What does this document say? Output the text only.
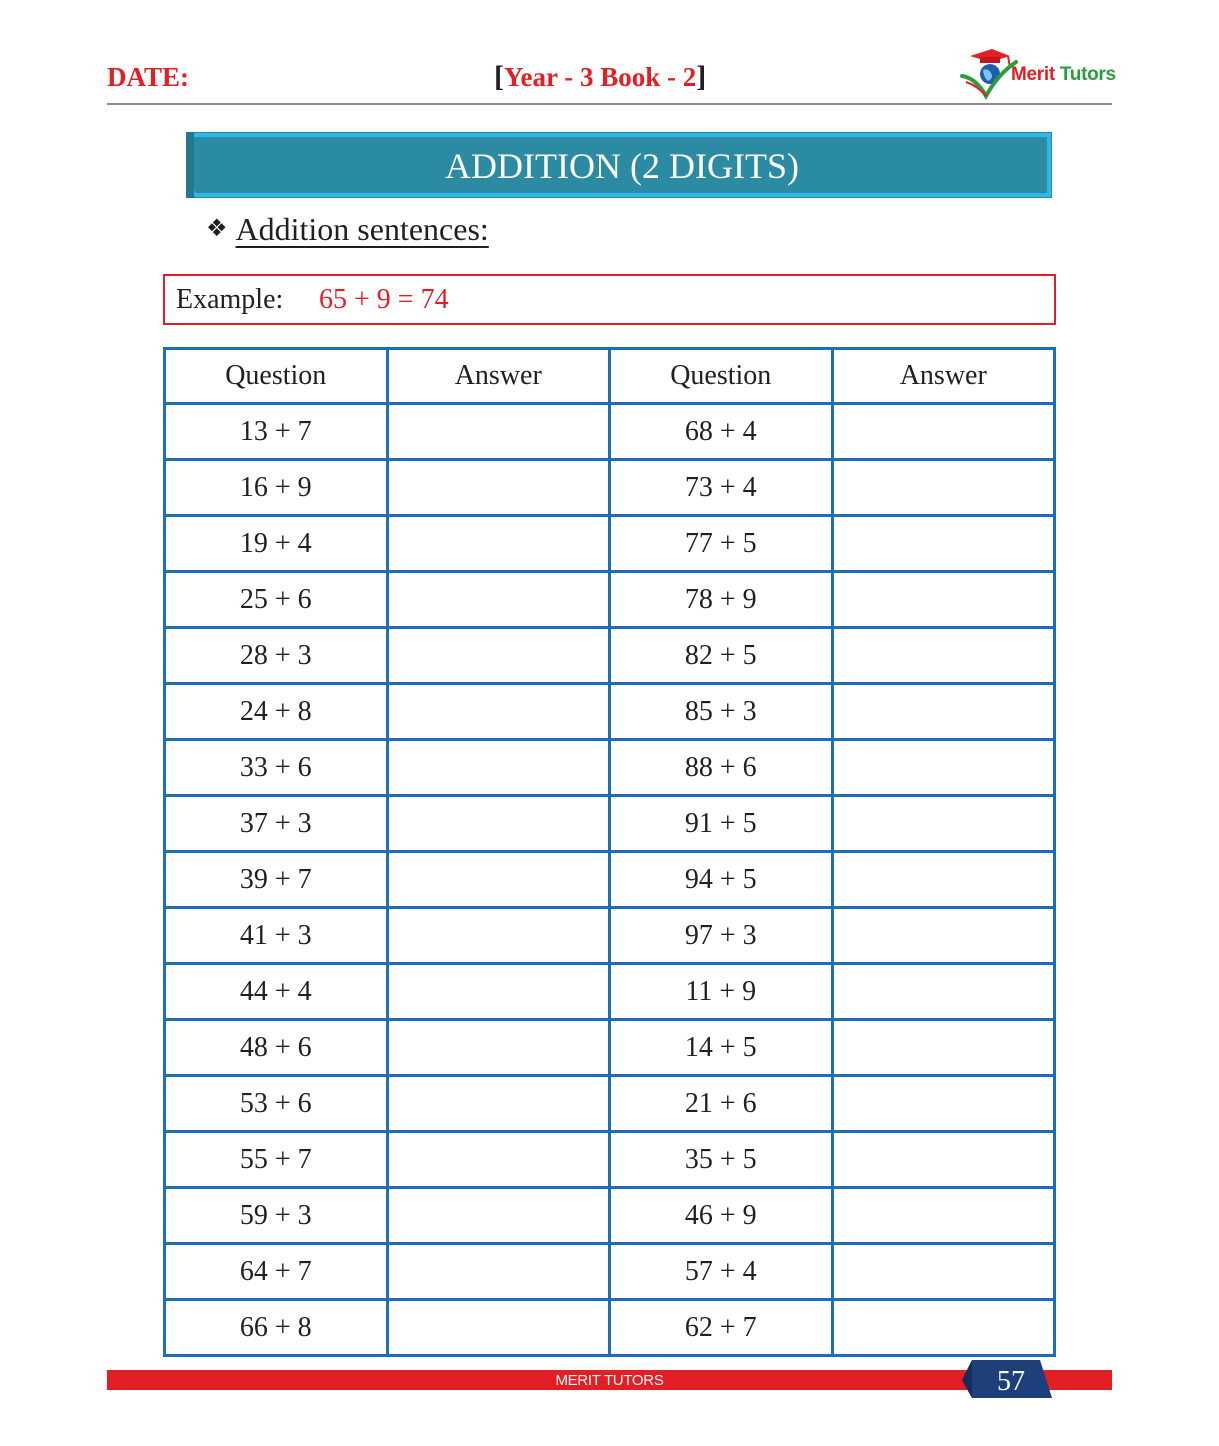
DATE:	[Year - 3 Book - 2]	Merit Tutors
ADDITION (2 DIGITS)
❖ Addition sentences:
Example: 65 + 9 = 74
Question	Answer	Question	Answer
13 + 7		68 + 4	
16 + 9		73 + 4	
19 + 4		77 + 5	
25 + 6		78 + 9	
28 + 3		82 + 5	
24 + 8		85 + 3	
33 + 6		88 + 6	
37 + 3		91 + 5	
39 + 7		94 + 5	
41 + 3		97 + 3	
44 + 4		11 + 9	
48 + 6		14 + 5	
53 + 6		21 + 6	
55 + 7		35 + 5	
59 + 3		46 + 9	
64 + 7		57 + 4	
66 + 8		62 + 7	
MERIT TUTORS	57
